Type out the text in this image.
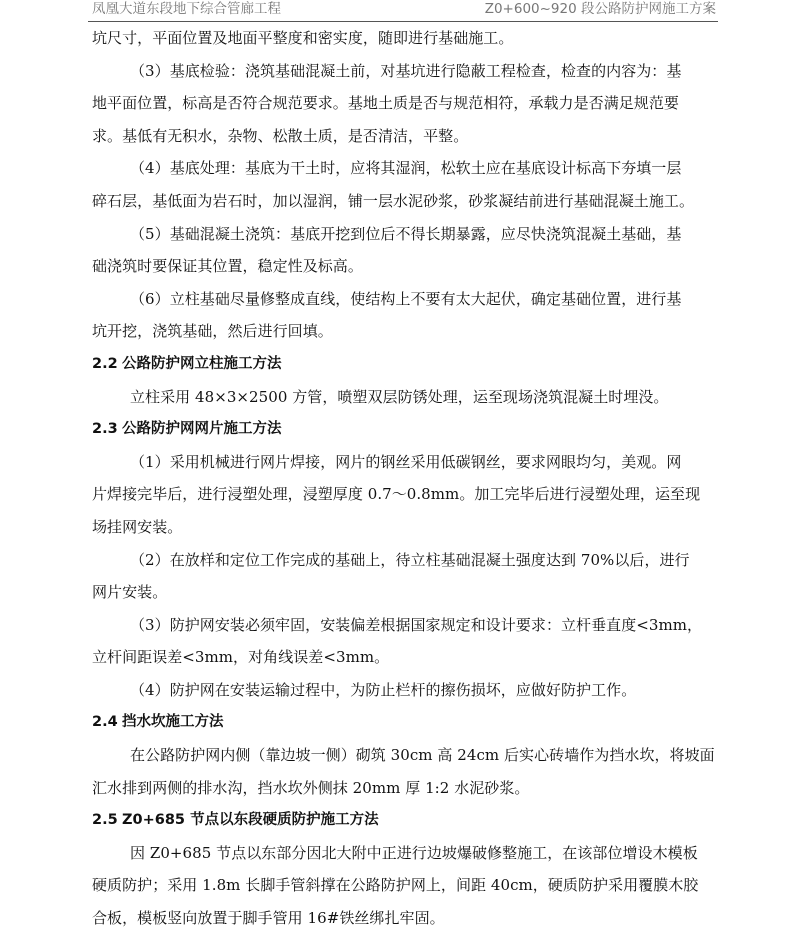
凤凰大道东段地下综合管廊工程	Z0+600~920 段公路防护网施工方案
坑尺寸，平面位置及地面平整度和密实度，随即进行基础施工。
（3）基底检验：浇筑基础混凝土前，对基坑进行隐蔽工程检查，检查的内容为：基
地平面位置，标高是否符合规范要求。基地土质是否与规范相符，承载力是否满足规范要
求。基低有无积水，杂物、松散土质，是否清洁，平整。
（4）基底处理：基底为干土时，应将其湿润，松软土应在基底设计标高下夯填一层
碎石层，基低面为岩石时，加以湿润，铺一层水泥砂浆，砂浆凝结前进行基础混凝土施工。
（5）基础混凝土浇筑：基底开挖到位后不得长期暴露，应尽快浇筑混凝土基础，基
础浇筑时要保证其位置，稳定性及标高。
（6）立柱基础尽量修整成直线，使结构上不要有太大起伏，确定基础位置，进行基
坑开挖，浇筑基础，然后进行回填。
2.2 公路防护网立柱施工方法
立柱采用 48×3×2500 方管，喷塑双层防锈处理，运至现场浇筑混凝土时埋没。
2.3 公路防护网网片施工方法
（1）采用机械进行网片焊接，网片的钢丝采用低碳钢丝，要求网眼均匀，美观。网
片焊接完毕后，进行浸塑处理，浸塑厚度 0.7～0.8mm。加工完毕后进行浸塑处理，运至现
场挂网安装。
（2）在放样和定位工作完成的基础上，待立柱基础混凝土强度达到 70%以后，进行
网片安装。
（3）防护网安装必须牢固，安装偏差根据国家规定和设计要求：立杆垂直度<3mm，
立杆间距误差<3mm，对角线误差<3mm。
（4）防护网在安装运输过程中，为防止栏杆的擦伤损坏，应做好防护工作。
2.4 挡水坎施工方法
在公路防护网内侧（靠边坡一侧）砌筑 30cm 高 24cm 后实心砖墙作为挡水坎，将坡面
汇水排到两侧的排水沟，挡水坎外侧抹 20mm 厚 1:2 水泥砂浆。
2.5 Z0+685 节点以东段硬质防护施工方法
因 Z0+685 节点以东部分因北大附中正进行边坡爆破修整施工，在该部位增设木模板
硬质防护；采用 1.8m 长脚手管斜撑在公路防护网上，间距 40cm，硬质防护采用覆膜木胶
合板，模板竖向放置于脚手管用 16#铁丝绑扎牢固。
